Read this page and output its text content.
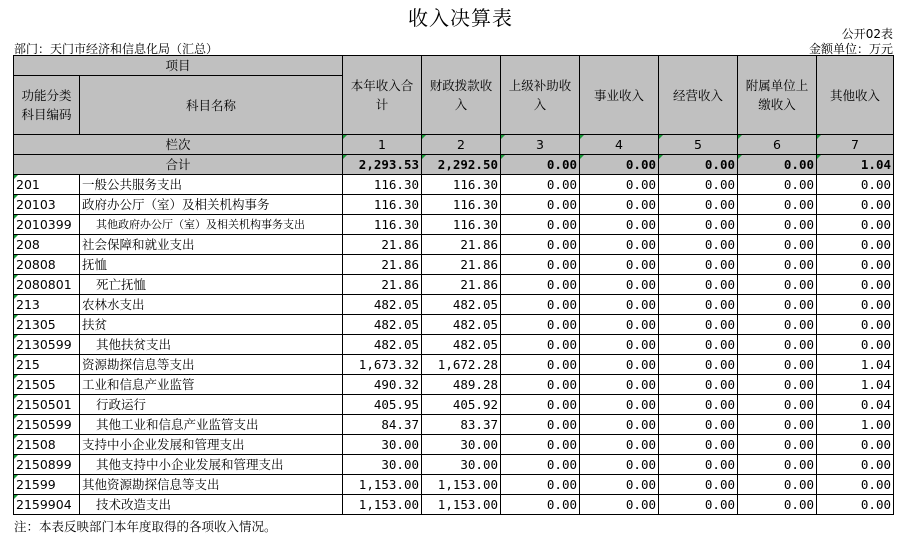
收入决算表
公开02表
部门：天门市经济和信息化局（汇总）	金额单位：万元
项目		本年收入合计	财政拨款收入	上级补助收入	事业收入	经营收入	附属单位上缴收入	其他收入
功能分类科目编码	科目名称							

栏次		1	2	3	4	5	6	7
合计		2,293.53	2,292.50	0.00	0.00	0.00	0.00	1.04
201	一般公共服务支出	116.30	116.30	0.00	0.00	0.00	0.00	0.00
20103	政府办公厅（室）及相关机构事务	116.30	116.30	0.00	0.00	0.00	0.00	0.00
2010399	其他政府办公厅（室）及相关机构事务支出	116.30	116.30	0.00	0.00	0.00	0.00	0.00
208	社会保障和就业支出	21.86	21.86	0.00	0.00	0.00	0.00	0.00
20808	抚恤	21.86	21.86	0.00	0.00	0.00	0.00	0.00
2080801	死亡抚恤	21.86	21.86	0.00	0.00	0.00	0.00	0.00
213	农林水支出	482.05	482.05	0.00	0.00	0.00	0.00	0.00
21305	扶贫	482.05	482.05	0.00	0.00	0.00	0.00	0.00
2130599	其他扶贫支出	482.05	482.05	0.00	0.00	0.00	0.00	0.00
215	资源勘探信息等支出	1,673.32	1,672.28	0.00	0.00	0.00	0.00	1.04
21505	工业和信息产业监管	490.32	489.28	0.00	0.00	0.00	0.00	1.04
2150501	行政运行	405.95	405.92	0.00	0.00	0.00	0.00	0.04
2150599	其他工业和信息产业监管支出	84.37	83.37	0.00	0.00	0.00	0.00	1.00
21508	支持中小企业发展和管理支出	30.00	30.00	0.00	0.00	0.00	0.00	0.00
2150899	其他支持中小企业发展和管理支出	30.00	30.00	0.00	0.00	0.00	0.00	0.00
21599	其他资源勘探信息等支出	1,153.00	1,153.00	0.00	0.00	0.00	0.00	0.00
2159904	技术改造支出	1,153.00	1,153.00	0.00	0.00	0.00	0.00	0.00
注：本表反映部门本年度取得的各项收入情况。
